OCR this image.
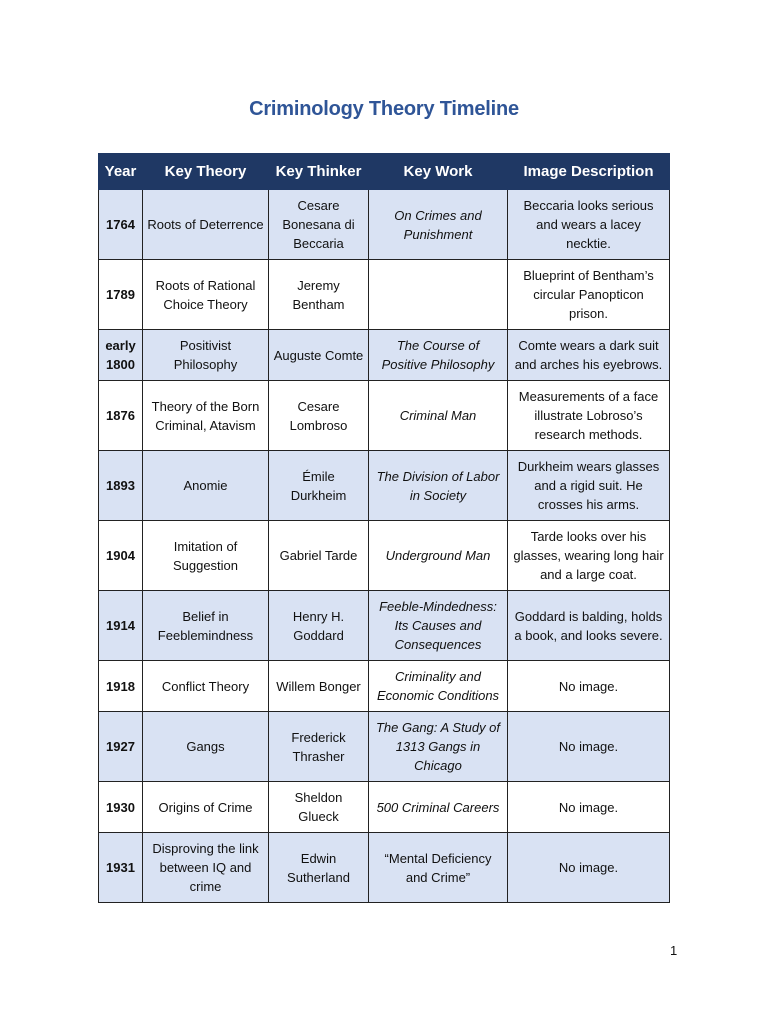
Criminology Theory Timeline
Year	Key Theory	Key Thinker	Key Work	Image Description
1764	Roots of Deterrence	Cesare Bonesana di Beccaria	On Crimes and Punishment	Beccaria looks serious and wears a lacey necktie.
1789	Roots of Rational Choice Theory	Jeremy Bentham		Blueprint of Bentham’s circular Panopticon prison.
early 1800	Positivist Philosophy	Auguste Comte	The Course of Positive Philosophy	Comte wears a dark suit and arches his eyebrows.
1876	Theory of the Born Criminal, Atavism	Cesare Lombroso	Criminal Man	Measurements of a face illustrate Lobroso’s research methods.
1893	Anomie	Émile Durkheim	The Division of Labor in Society	Durkheim wears glasses and a rigid suit. He crosses his arms.
1904	Imitation of Suggestion	Gabriel Tarde	Underground Man	Tarde looks over his glasses, wearing long hair and a large coat.
1914	Belief in Feeblemindness	Henry H. Goddard	Feeble-Mindedness: Its Causes and Consequences	Goddard is balding, holds a book, and looks severe.
1918	Conflict Theory	Willem Bonger	Criminality and Economic Conditions	No image.
1927	Gangs	Frederick Thrasher	The Gang: A Study of 1313 Gangs in Chicago	No image.
1930	Origins of Crime	Sheldon Glueck	500 Criminal Careers	No image.
1931	Disproving the link between IQ and crime	Edwin Sutherland	“Mental Deficiency and Crime”	No image.
1
